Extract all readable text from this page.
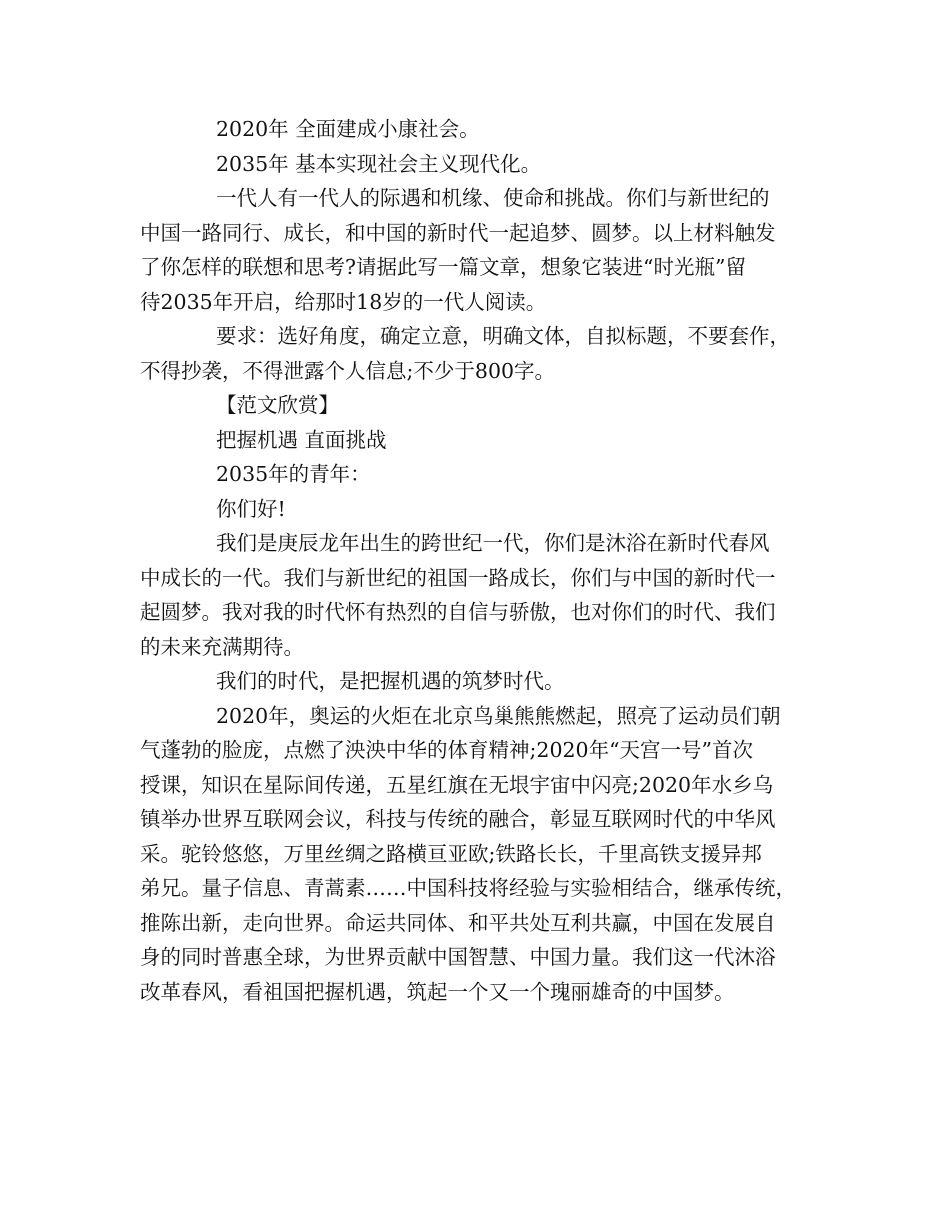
2020年 全面建成小康社会。
2035年 基本实现社会主义现代化。
一代人有一代人的际遇和机缘、使命和挑战。你们与新世纪的
中国一路同行、成长，和中国的新时代一起追梦、圆梦。以上材料触发
了你怎样的联想和思考?请据此写一篇文章，想象它装进“时光瓶”留
待2035年开启，给那时18岁的一代人阅读。
要求：选好角度，确定立意，明确文体，自拟标题，不要套作，
不得抄袭，不得泄露个人信息;不少于800字。
【范文欣赏】
把握机遇 直面挑战
2035年的青年：
你们好!
我们是庚辰龙年出生的跨世纪一代，你们是沐浴在新时代春风
中成长的一代。我们与新世纪的祖国一路成长，你们与中国的新时代一
起圆梦。我对我的时代怀有热烈的自信与骄傲，也对你们的时代、我们
的未来充满期待。
我们的时代，是把握机遇的筑梦时代。
2020年，奥运的火炬在北京鸟巢熊熊燃起，照亮了运动员们朝
气蓬勃的脸庞，点燃了泱泱中华的体育精神;2020年“天宫一号”首次
授课，知识在星际间传递，五星红旗在无垠宇宙中闪亮;2020年水乡乌
镇举办世界互联网会议，科技与传统的融合，彰显互联网时代的中华风
采。驼铃悠悠，万里丝绸之路横亘亚欧;铁路长长，千里高铁支援异邦
弟兄。量子信息、青蒿素……中国科技将经验与实验相结合，继承传统，
推陈出新，走向世界。命运共同体、和平共处互利共赢，中国在发展自
身的同时普惠全球，为世界贡献中国智慧、中国力量。我们这一代沐浴
改革春风，看祖国把握机遇，筑起一个又一个瑰丽雄奇的中国梦。
